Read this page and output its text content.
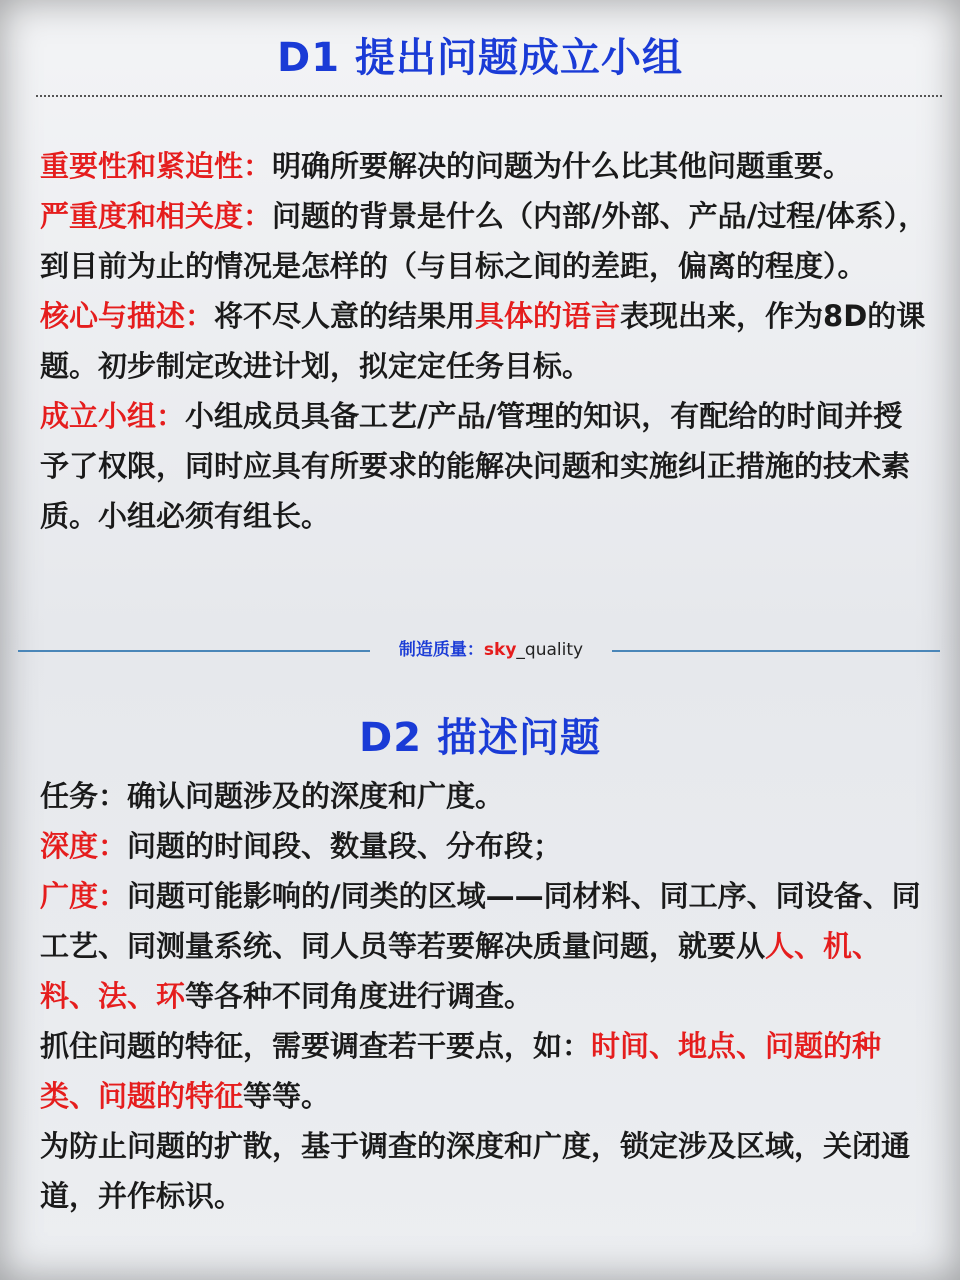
D1 提出问题成立小组
重要性和紧迫性：明确所要解决的问题为什么比其他问题重要。
严重度和相关度：问题的背景是什么（内部/外部、产品/过程/体系），到目前为止的情况是怎样的（与目标之间的差距，偏离的程度）。
核心与描述：将不尽人意的结果用具体的语言表现出来，作为8D的课题。初步制定改进计划，拟定定任务目标。
成立小组：小组成员具备工艺/产品/管理的知识，有配给的时间并授予了权限，同时应具有所要求的能解决问题和实施纠正措施的技术素质。小组必须有组长。
制造质量：sky_quality
D2 描述问题
任务：确认问题涉及的深度和广度。
深度：问题的时间段、数量段、分布段；
广度：问题可能影响的/同类的区域——同材料、同工序、同设备、同工艺、同测量系统、同人员等若要解决质量问题，就要从人、机、料、法、环等各种不同角度进行调查。
抓住问题的特征，需要调查若干要点，如：时间、地点、问题的种类、问题的特征等等。
为防止问题的扩散，基于调查的深度和广度，锁定涉及区域，关闭通道，并作标识。
